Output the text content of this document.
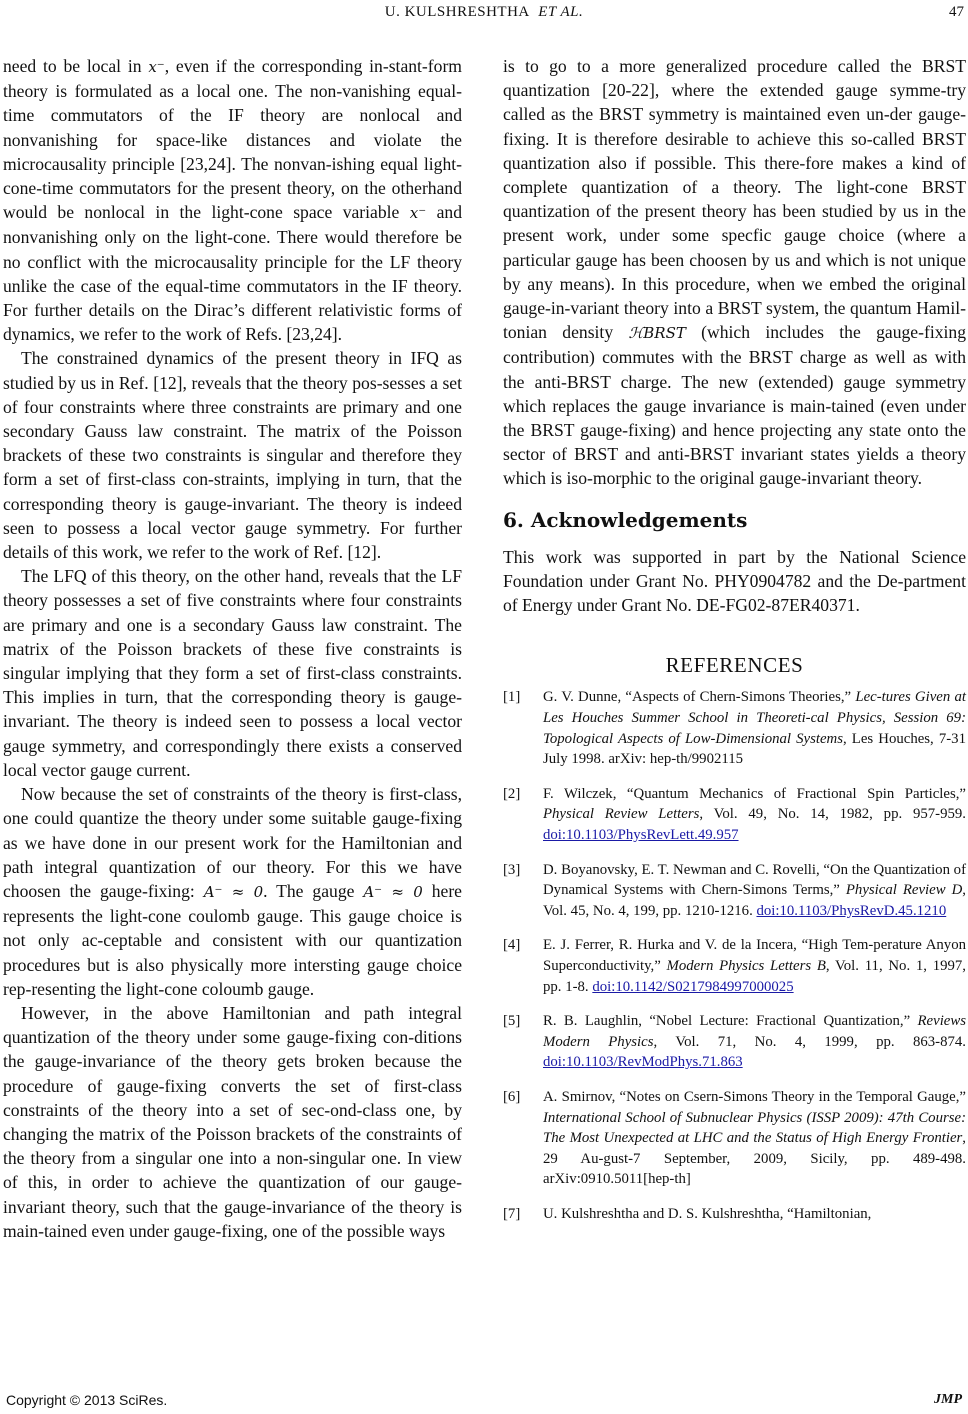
U. KULSHRESHTHA ET AL.	47

need to be local in x⁻, even if the corresponding in-stant-form theory is formulated as a local one. The non-vanishing equal-time commutators of the IF theory are nonlocal and nonvanishing for space-like distances and violate the microcausality principle [23,24]. The nonvan-ishing equal light-cone-time commutators for the present theory, on the otherhand would be nonlocal in the light-cone space variable x⁻ and nonvanishing only on the light-cone. There would therefore be no conflict with the microcausality principle for the LF theory unlike the case of the equal-time commutators in the IF theory. For further details on the Dirac’s different relativistic forms of dynamics, we refer to the work of Refs. [23,24].

The constrained dynamics of the present theory in IFQ as studied by us in Ref. [12], reveals that the theory pos-sesses a set of four constraints where three constraints are primary and one secondary Gauss law constraint. The matrix of the Poisson brackets of these two constraints is singular and therefore they form a set of first-class con-straints, implying in turn, that the corresponding theory is gauge-invariant. The theory is indeed seen to possess a local vector gauge symmetry. For further details of this work, we refer to the work of Ref. [12].

The LFQ of this theory, on the other hand, reveals that the LF theory possesses a set of five constraints where four constraints are primary and one is a secondary Gauss law constraint. The matrix of the Poisson brackets of these five constraints is singular implying that they form a set of first-class constraints. This implies in turn, that the corresponding theory is gauge-invariant. The theory is indeed seen to possess a local vector gauge symmetry, and correspondingly there exists a conserved local vector gauge current.

Now because the set of constraints of the theory is first-class, one could quantize the theory under some suitable gauge-fixing as we have done in our present work for the Hamiltonian and path integral quantization of our theory. For this we have choosen the gauge-fixing: A⁻ ≈ 0. The gauge A⁻ ≈ 0 here represents the light-cone coulomb gauge. This gauge choice is not only ac-ceptable and consistent with our quantization procedures but is also physically more intersting gauge choice rep-resenting the light-cone coloumb gauge.

However, in the above Hamiltonian and path integral quantization of the theory under some gauge-fixing con-ditions the gauge-invariance of the theory gets broken because the procedure of gauge-fixing converts the set of first-class constraints of the theory into a set of sec-ond-class one, by changing the matrix of the Poisson brackets of the constraints of the theory from a singular one into a non-singular one. In view of this, in order to achieve the quantization of our gauge-invariant theory, such that the gauge-invariance of the theory is main-tained even under gauge-fixing, one of the possible ways

is to go to a more generalized procedure called the BRST quantization [20-22], where the extended gauge symme-try called as the BRST symmetry is maintained even un-der gauge-fixing. It is therefore desirable to achieve this so-called BRST quantization also if possible. This there-fore makes a kind of complete quantization of a theory. The light-cone BRST quantization of the present theory has been studied by us in the present work, under some specfic gauge choice (where a particular gauge has been choosen by us and which is not unique by any means). In this procedure, when we embed the original gauge-in-variant theory into a BRST system, the quantum Hamil-tonian density ℋBRST (which includes the gauge-fixing contribution) commutes with the BRST charge as well as with the anti-BRST charge. The new (extended) gauge symmetry which replaces the gauge invariance is main-tained (even under the BRST gauge-fixing) and hence projecting any state onto the sector of BRST and anti-BRST invariant states yields a theory which is iso-morphic to the original gauge-invariant theory.

6. Acknowledgements

This work was supported in part by the National Science Foundation under Grant No. PHY0904782 and the De-partment of Energy under Grant No. DE-FG02-87ER40371.

REFERENCES
[1] G. V. Dunne, “Aspects of Chern-Simons Theories,” Lec-tures Given at Les Houches Summer School in Theoreti-cal Physics, Session 69: Topological Aspects of Low-Dimensional Systems, Les Houches, 7-31 July 1998. arXiv: hep-th/9902115
[2] F. Wilczek, “Quantum Mechanics of Fractional Spin Particles,” Physical Review Letters, Vol. 49, No. 14, 1982, pp. 957-959. doi:10.1103/PhysRevLett.49.957
[3] D. Boyanovsky, E. T. Newman and C. Rovelli, “On the Quantization of Dynamical Systems with Chern-Simons Terms,” Physical Review D, Vol. 45, No. 4, 199, pp. 1210-1216. doi:10.1103/PhysRevD.45.1210
[4] E. J. Ferrer, R. Hurka and V. de la Incera, “High Tem-perature Anyon Superconductivity,” Modern Physics Letters B, Vol. 11, No. 1, 1997, pp. 1-8. doi:10.1142/S0217984997000025
[5] R. B. Laughlin, “Nobel Lecture: Fractional Quantization,” Reviews Modern Physics, Vol. 71, No. 4, 1999, pp. 863-874. doi:10.1103/RevModPhys.71.863
[6] A. Smirnov, “Notes on Csern-Simons Theory in the Temporal Gauge,” International School of Subnuclear Physics (ISSP 2009): 47th Course: The Most Unexpected at LHC and the Status of High Energy Frontier, 29 Au-gust-7 September, 2009, Sicily, pp. 489-498. arXiv:0910.5011[hep-th]
[7] U. Kulshreshtha and D. S. Kulshreshtha, “Hamiltonian,
Copyright © 2013 SciRes.	JMP
